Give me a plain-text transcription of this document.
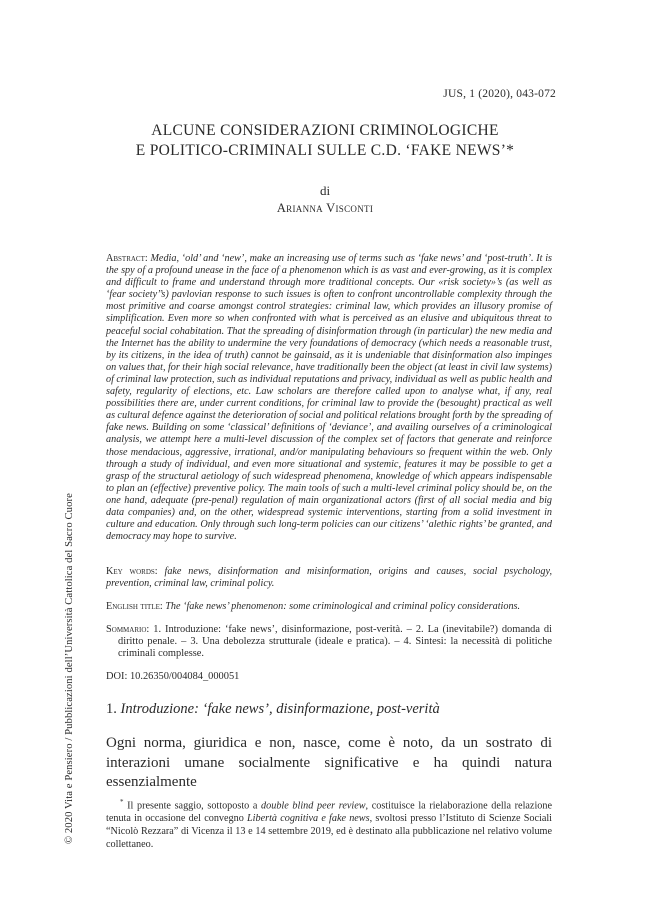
JUS, 1 (2020), 043-072
ALCUNE CONSIDERAZIONI CRIMINOLOGICHE
E POLITICO-CRIMINALI SULLE C.D. ‘FAKE NEWS’*
di
Arianna Visconti
Abstract: Media, ‘old’ and ‘new’, make an increasing use of terms such as ‘fake news’ and ‘post-truth’. It is the spy of a profound unease in the face of a phenomenon which is as vast and ever-growing, as it is complex and difficult to frame and understand through more traditional concepts. Our «risk society»’s (as well as ‘fear society’’s) pavlovian response to such issues is often to confront uncontrollable complexity through the most primitive and coarse amongst control strategies: criminal law, which provides an illusory promise of simplification. Even more so when confronted with what is perceived as an elusive and ubiquitous threat to peaceful social cohabitation. That the spreading of disinformation through (in particular) the new media and the Internet has the ability to undermine the very foundations of democracy (which needs a reasonable trust, by its citizens, in the idea of truth) cannot be gainsaid, as it is undeniable that disinformation also impinges on values that, for their high social relevance, have traditionally been the object (at least in civil law systems) of criminal law protection, such as individual reputations and privacy, individual as well as public health and safety, regularity of elections, etc. Law scholars are therefore called upon to analyse what, if any, real possibilities there are, under current conditions, for criminal law to provide the (besought) practical as well as cultural defence against the deterioration of social and political relations brought forth by the spreading of fake news. Building on some ‘classical’ definitions of ‘deviance’, and availing ourselves of a criminological analysis, we attempt here a multi-level discussion of the complex set of factors that generate and reinforce those mendacious, aggressive, irrational, and/or manipulating behaviours so frequent within the web. Only through a study of individual, and even more situational and systemic, features it may be possible to get a grasp of the structural aetiology of such widespread phenomena, knowledge of which appears indispensable to plan an (effective) preventive policy. The main tools of such a multi-level criminal policy should be, on the one hand, adequate (pre-penal) regulation of main organizational actors (first of all social media and big data companies) and, on the other, widespread systemic interventions, starting from a solid investment in culture and education. Only through such long-term policies can our citizens’ ‘alethic rights’ be granted, and democracy may hope to survive.
Key words: fake news, disinformation and misinformation, origins and causes, social psychology, prevention, criminal law, criminal policy.
English title: The ‘fake news’ phenomenon: some criminological and criminal policy considerations.
Sommario: 1. Introduzione: ‘fake news’, disinformazione, post-verità. – 2. La (inevitabile?) domanda di diritto penale. – 3. Una debolezza strutturale (ideale e pratica). – 4. Sintesi: la necessità di politiche criminali complesse.
DOI: 10.26350/004084_000051
1. Introduzione: ‘fake news’, disinformazione, post-verità
Ogni norma, giuridica e non, nasce, come è noto, da un sostrato di interazioni umane socialmente significative e ha quindi natura essenzialmente
* Il presente saggio, sottoposto a double blind peer review, costituisce la rielaborazione della relazione tenuta in occasione del convegno Libertà cognitiva e fake news, svoltosi presso l’Istituto di Scienze Sociali “Nicolò Rezzara” di Vicenza il 13 e 14 settembre 2019, ed è destinato alla pubblicazione nel relativo volume collettaneo.
© 2020 Vita e Pensiero / Pubblicazioni dell’Università Cattolica del Sacro Cuore
